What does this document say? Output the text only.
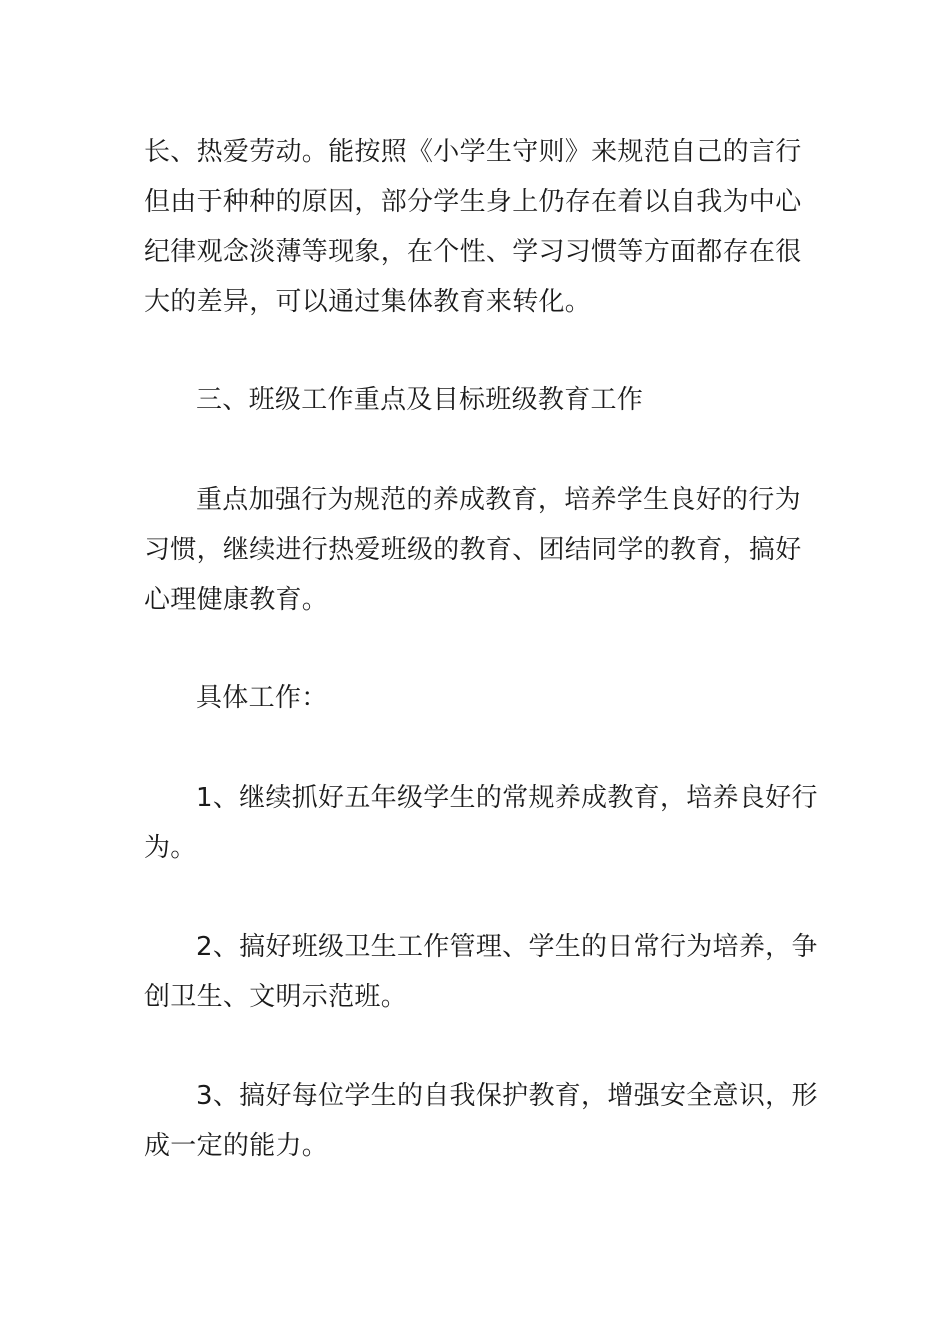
长、热爱劳动。能按照《小学生守则》来规范自己的言行
但由于种种的原因，部分学生身上仍存在着以自我为中心
纪律观念淡薄等现象，在个性、学习习惯等方面都存在很
大的差异，可以通过集体教育来转化。

三、班级工作重点及目标班级教育工作

重点加强行为规范的养成教育，培养学生良好的行为
习惯，继续进行热爱班级的教育、团结同学的教育，搞好
心理健康教育。

具体工作：

1、继续抓好五年级学生的常规养成教育，培养良好行
为。

2、搞好班级卫生工作管理、学生的日常行为培养，争
创卫生、文明示范班。

3、搞好每位学生的自我保护教育，增强安全意识，形
成一定的能力。
